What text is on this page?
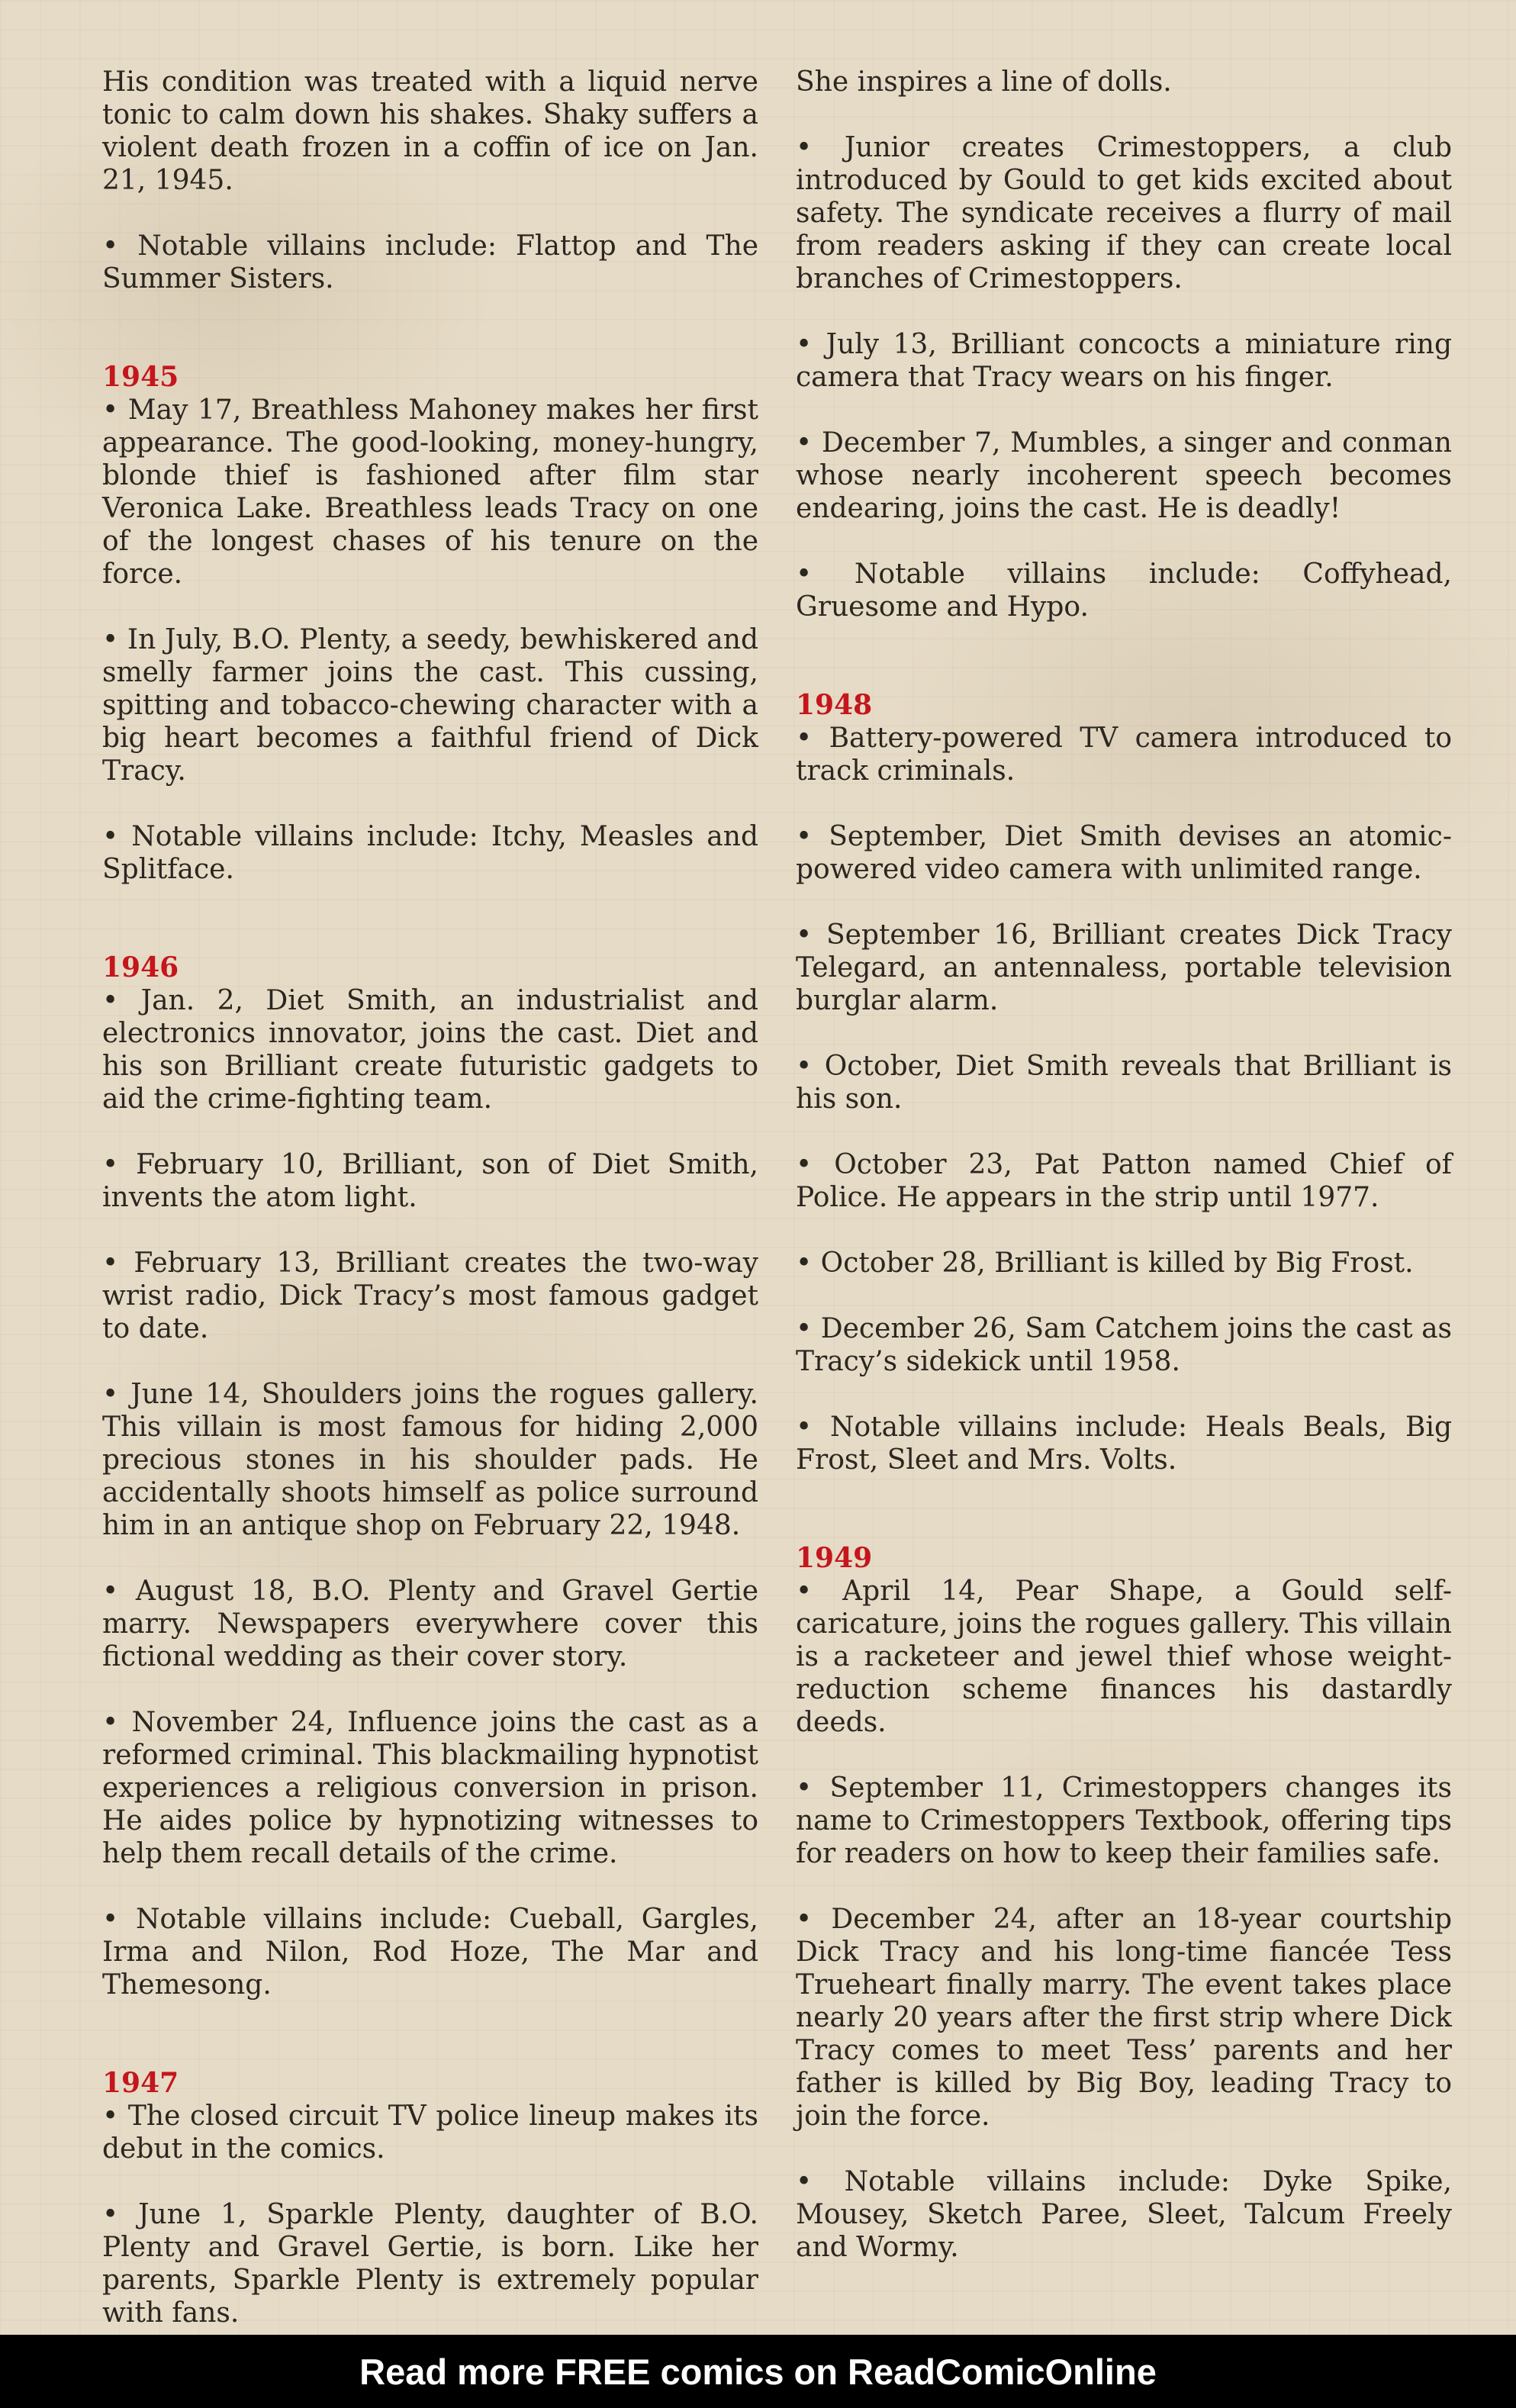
His condition was treated with a liquid nerve tonic to calm down his shakes. Shaky suffers a violent death frozen in a coffin of ice on Jan. 21, 1945.

• Notable villains include: Flattop and The Summer Sisters.

1945

• May 17, Breathless Mahoney makes her first appearance. The good-looking, money-hungry, blonde thief is fashioned after film star Veronica Lake. Breathless leads Tracy on one of the longest chases of his tenure on the force.

• In July, B.O. Plenty, a seedy, bewhiskered and smelly farmer joins the cast. This cussing, spitting and tobacco-chewing character with a big heart becomes a faithful friend of Dick Tracy.

• Notable villains include: Itchy, Measles and Splitface.

1946

• Jan. 2, Diet Smith, an industrialist and electronics innovator, joins the cast. Diet and his son Brilliant create futuristic gadgets to aid the crime-fighting team.

• February 10, Brilliant, son of Diet Smith, invents the atom light.

• February 13, Brilliant creates the two-way wrist radio, Dick Tracy’s most famous gadget to date.

• June 14, Shoulders joins the rogues gallery. This villain is most famous for hiding 2,000 precious stones in his shoulder pads. He accidentally shoots himself as police surround him in an antique shop on February 22, 1948.

• August 18, B.O. Plenty and Gravel Gertie marry. Newspapers everywhere cover this fictional wedding as their cover story.

• November 24, Influence joins the cast as a reformed criminal. This blackmailing hypnotist experiences a religious conversion in prison. He aides police by hypnotizing witnesses to help them recall details of the crime.

• Notable villains include: Cueball, Gargles, Irma and Nilon, Rod Hoze, The Mar and Themesong.

1947

• The closed circuit TV police lineup makes its debut in the comics.

• June 1, Sparkle Plenty, daughter of B.O. Plenty and Gravel Gertie, is born. Like her parents, Sparkle Plenty is extremely popular with fans.

She inspires a line of dolls.

• Junior creates Crimestoppers, a club introduced by Gould to get kids excited about safety. The syndicate receives a flurry of mail from readers asking if they can create local branches of Crimestoppers.

• July 13, Brilliant concocts a miniature ring camera that Tracy wears on his finger.

• December 7, Mumbles, a singer and conman whose nearly incoherent speech becomes endearing, joins the cast. He is deadly!

• Notable villains include: Coffyhead, Gruesome and Hypo.

1948

• Battery-powered TV camera introduced to track criminals.

• September, Diet Smith devises an atomic-powered video camera with unlimited range.

• September 16, Brilliant creates Dick Tracy Telegard, an antennaless, portable television burglar alarm.

• October, Diet Smith reveals that Brilliant is his son.

• October 23, Pat Patton named Chief of Police. He appears in the strip until 1977.

• October 28, Brilliant is killed by Big Frost.

• December 26, Sam Catchem joins the cast as Tracy’s sidekick until 1958.

• Notable villains include: Heals Beals, Big Frost, Sleet and Mrs. Volts.

1949

• April 14, Pear Shape, a Gould self-caricature, joins the rogues gallery. This villain is a racketeer and jewel thief whose weight-reduction scheme finances his dastardly deeds.

• September 11, Crimestoppers changes its name to Crimestoppers Textbook, offering tips for readers on how to keep their families safe.

• December 24, after an 18-year courtship Dick Tracy and his long-time fiancée Tess Trueheart finally marry. The event takes place nearly 20 years after the first strip where Dick Tracy comes to meet Tess’ parents and her father is killed by Big Boy, leading Tracy to join the force.

• Notable villains include: Dyke Spike, Mousey, Sketch Paree, Sleet, Talcum Freely and Wormy.

Read more FREE comics on ReadComicOnline
